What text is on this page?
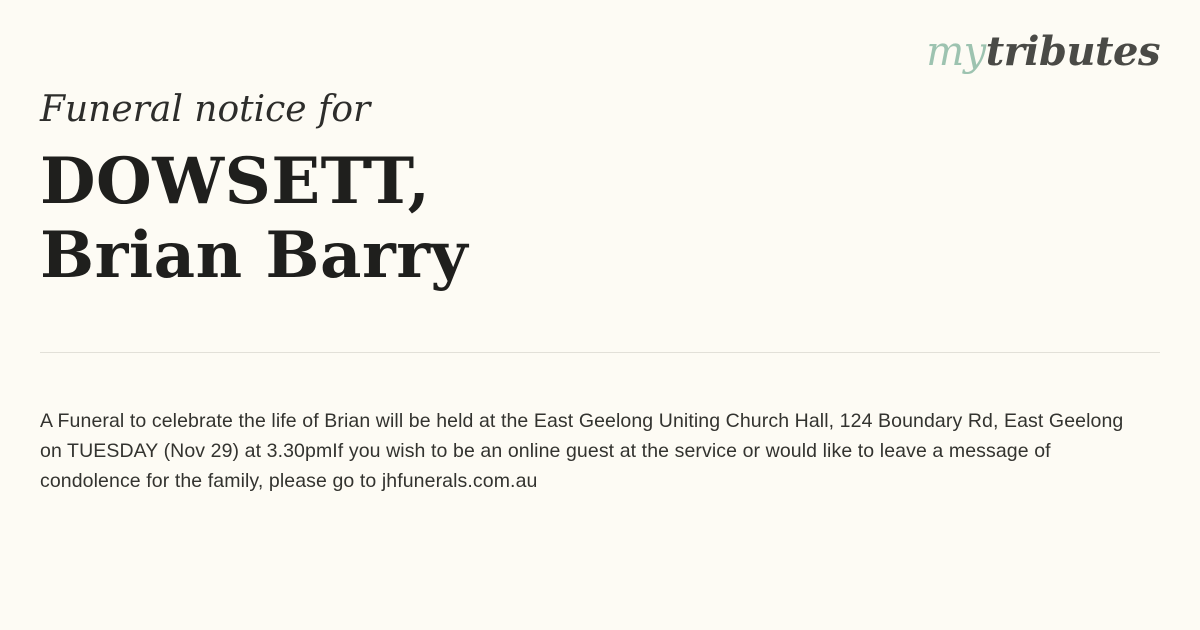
mytributes
Funeral notice for
DOWSETT,
Brian Barry

A Funeral to celebrate the life of Brian will be held at the East Geelong Uniting Church Hall, 124 Boundary Rd, East Geelong on TUESDAY (Nov 29) at 3.30pmIf you wish to be an online guest at the service or would like to leave a message of condolence for the family, please go to jhfunerals.com.au
